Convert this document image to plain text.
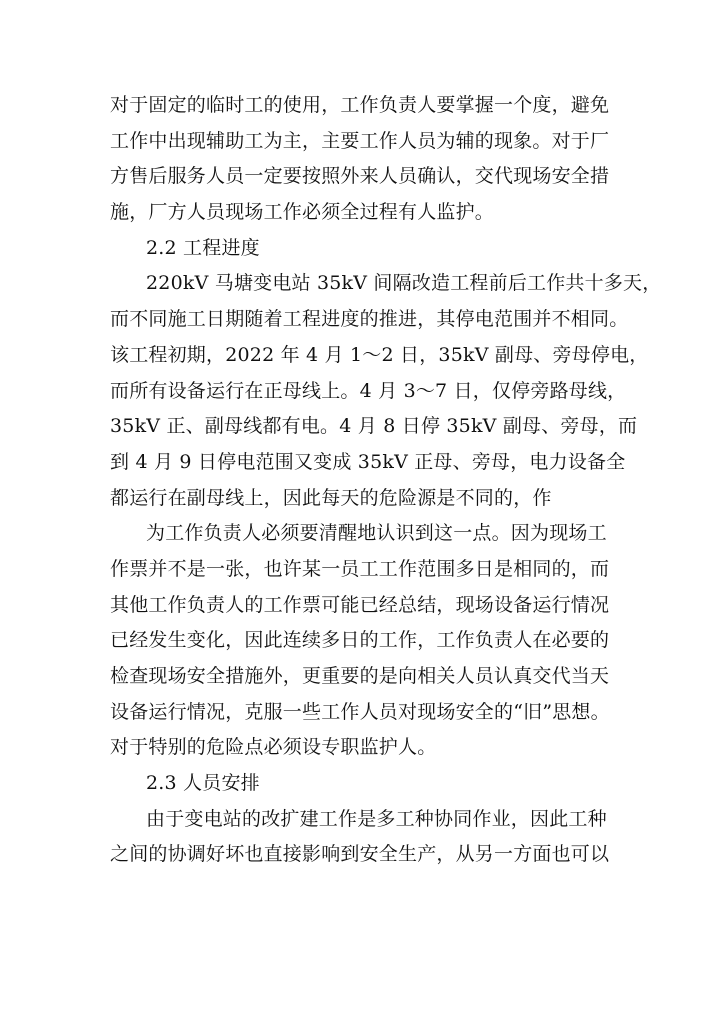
对于固定的临时工的使用，工作负责人要掌握一个度，避免
工作中出现辅助工为主，主要工作人员为辅的现象。对于厂
方售后服务人员一定要按照外来人员确认，交代现场安全措
施，厂方人员现场工作必须全过程有人监护。
2.2 工程进度
220kV 马塘变电站 35kV 间隔改造工程前后工作共十多天，
而不同施工日期随着工程进度的推进，其停电范围并不相同。
该工程初期，2022 年 4 月 1～2 日，35kV 副母、旁母停电，
而所有设备运行在正母线上。4 月 3～7 日，仅停旁路母线，
35kV 正、副母线都有电。4 月 8 日停 35kV 副母、旁母，而
到 4 月 9 日停电范围又变成 35kV 正母、旁母，电力设备全
都运行在副母线上，因此每天的危险源是不同的，作
为工作负责人必须要清醒地认识到这一点。因为现场工
作票并不是一张，也许某一员工工作范围多日是相同的，而
其他工作负责人的工作票可能已经总结，现场设备运行情况
已经发生变化，因此连续多日的工作，工作负责人在必要的
检查现场安全措施外，更重要的是向相关人员认真交代当天
设备运行情况，克服一些工作人员对现场安全的“旧”思想。
对于特别的危险点必须设专职监护人。
2.3 人员安排
由于变电站的改扩建工作是多工种协同作业，因此工种
之间的协调好坏也直接影响到安全生产，从另一方面也可以
